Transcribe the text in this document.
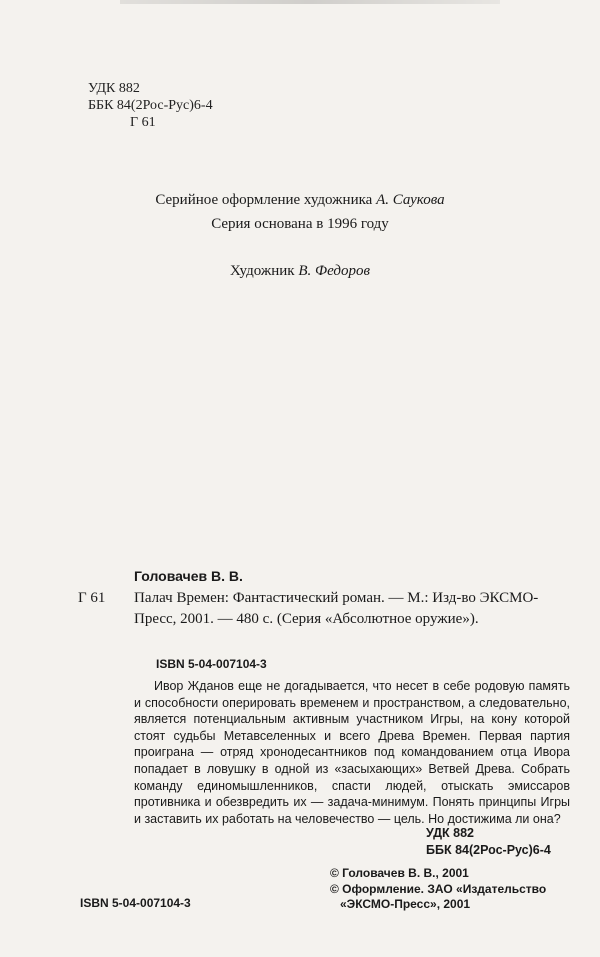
УДК 882
ББК 84(2Рос-Рус)6-4
Г 61
Серийное оформление художника А. Саукова
Серия основана в 1996 году
Художник В. Федоров
Головачев В. В.
Г 61 Палач Времен: Фантастический роман. — М.: Изд-во ЭКСМО-Пресс, 2001. — 480 с. (Серия «Абсолютное оружие»).
ISBN 5-04-007104-3
Ивор Жданов еще не догадывается, что несет в себе родовую память и способности оперировать временем и пространством, а следовательно, является потенциальным активным участником Игры, на кону которой стоят судьбы Метавселенных и всего Древа Времен. Первая партия проиграна — отряд хронодесантников под командованием отца Ивора попадает в ловушку в одной из «засыхающих» Ветвей Древа. Собрать команду единомышленников, спасти людей, отыскать эмиссаров противника и обезвредить их — задача-минимум. Понять принципы Игры и заставить их работать на человечество — цель. Но достижима ли она?
УДК 882
ББК 84(2Рос-Рус)6-4
© Головачев В. В., 2001
© Оформление. ЗАО «Издательство
«ЭКСМО-Пресс», 2001
ISBN 5-04-007104-3
